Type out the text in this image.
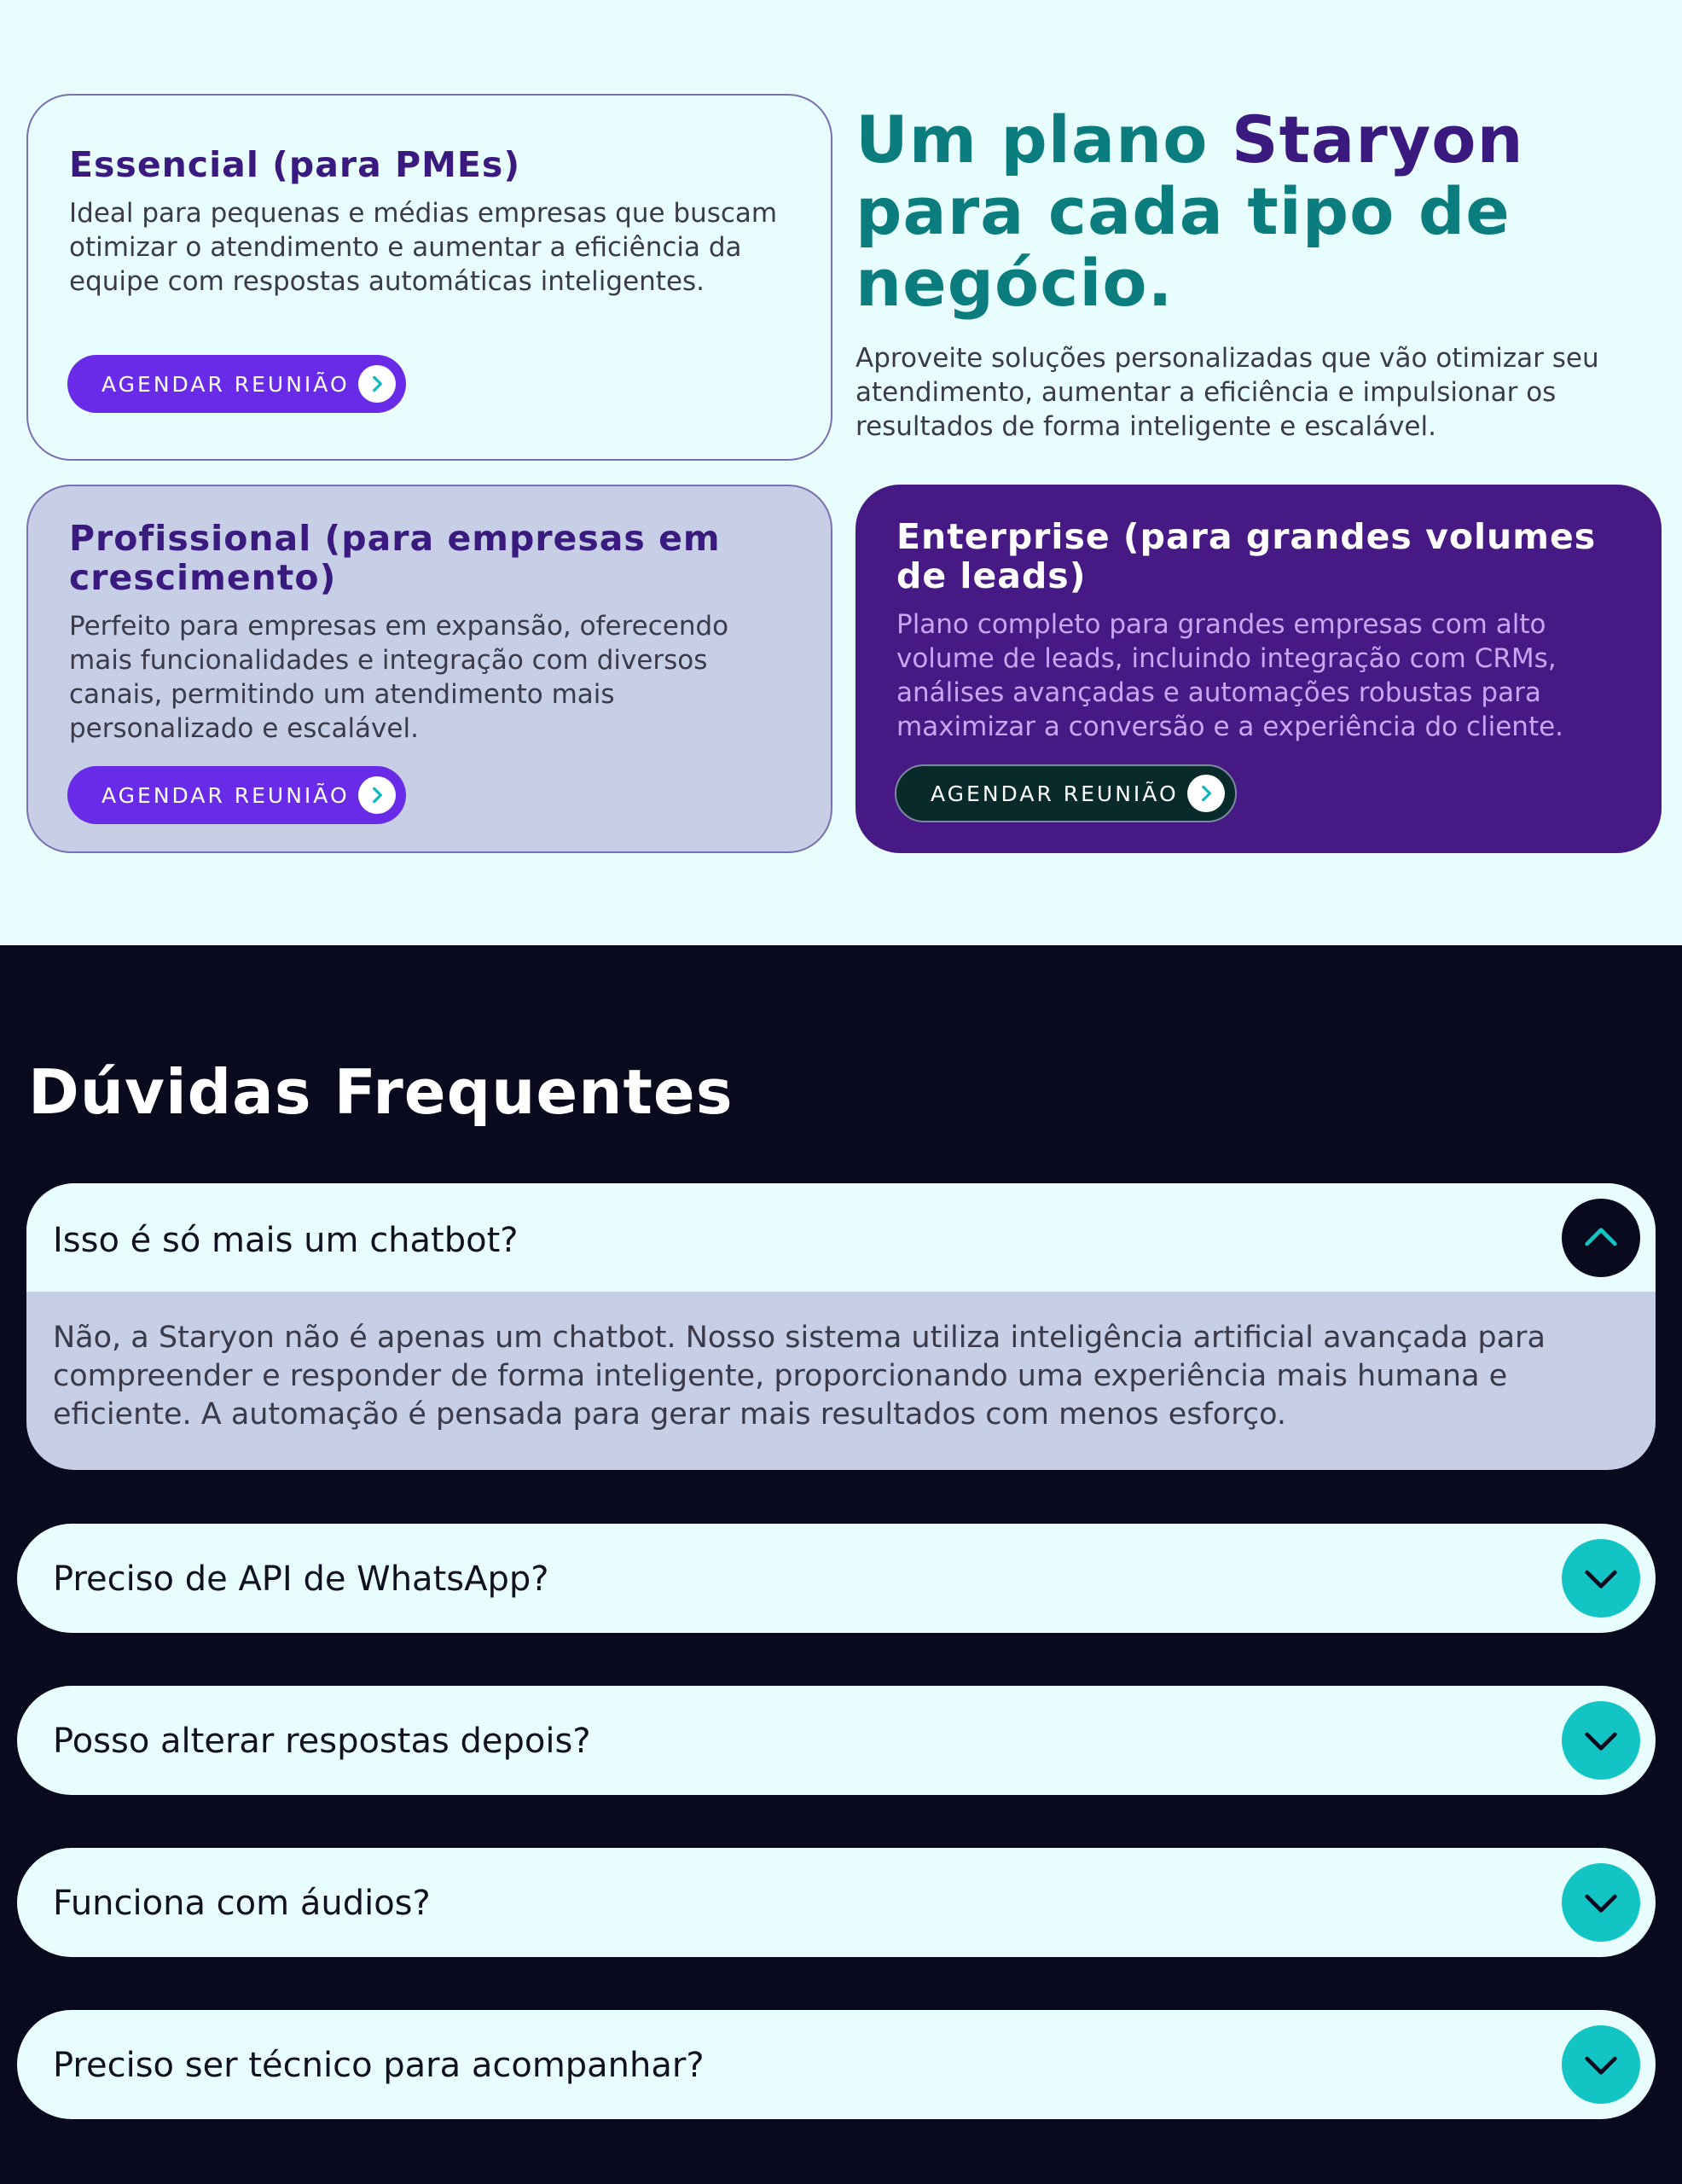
Essencial (para PMEs)

Ideal para pequenas e médias empresas que buscam otimizar o atendimento e aumentar a eficiência da equipe com respostas automáticas inteligentes.

AGENDAR REUNIÃO
Um plano Staryon para cada tipo de negócio.

Aproveite soluções personalizadas que vão otimizar seu atendimento, aumentar a eficiência e impulsionar os resultados de forma inteligente e escalável.

Profissional (para empresas em crescimento)

Perfeito para empresas em expansão, oferecendo mais funcionalidades e integração com diversos canais, permitindo um atendimento mais personalizado e escalável.

AGENDAR REUNIÃO
Enterprise (para grandes volumes de leads)

Plano completo para grandes empresas com alto volume de leads, incluindo integração com CRMs, análises avançadas e automações robustas para maximizar a conversão e a experiência do cliente.

AGENDAR REUNIÃO
Dúvidas Frequentes
Isso é só mais um chatbot?
Não, a Staryon não é apenas um chatbot. Nosso sistema utiliza inteligência artificial avançada para compreender e responder de forma inteligente, proporcionando uma experiência mais humana e eficiente. A automação é pensada para gerar mais resultados com menos esforço.
Preciso de API de WhatsApp?
Posso alterar respostas depois?
Funciona com áudios?
Preciso ser técnico para acompanhar?
